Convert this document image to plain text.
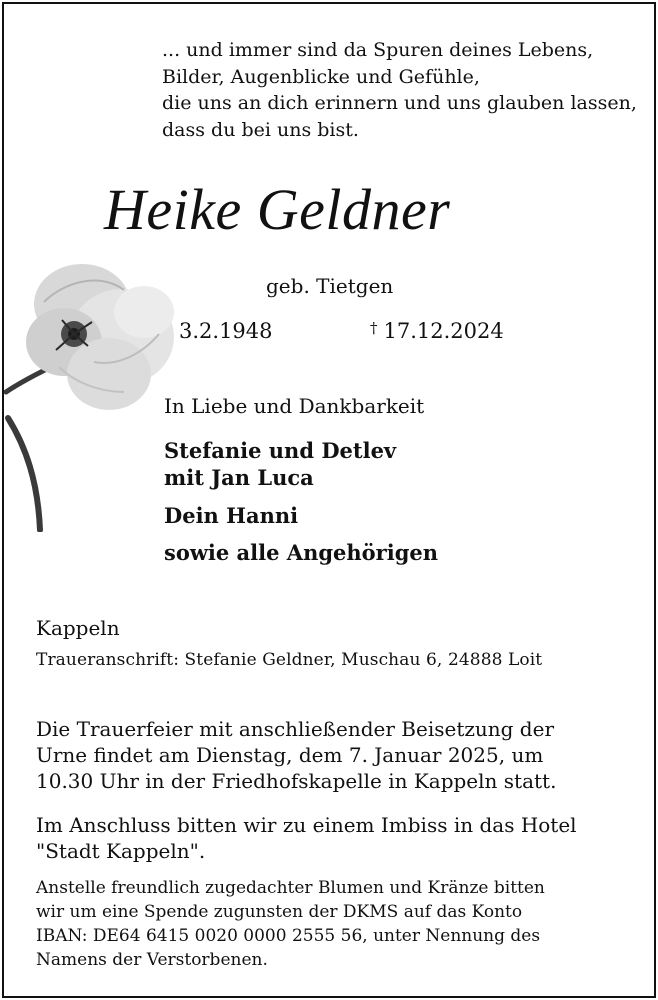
... und immer sind da Spuren deines Lebens,
Bilder, Augenblicke und Gefühle,
die uns an dich erinnern und uns glauben lassen,
dass du bei uns bist.
Heike Geldner
geb. Tietgen
3.2.1948	† 17.12.2024
In Liebe und Dankbarkeit
Stefanie und Detlev
mit Jan Luca
Dein Hanni
sowie alle Angehörigen
Kappeln
Traueranschrift: Stefanie Geldner, Muschau 6, 24888 Loit
Die Trauerfeier mit anschließender Beisetzung der
Urne findet am Dienstag, dem 7. Januar 2025, um
10.30 Uhr in der Friedhofskapelle in Kappeln statt.
Im Anschluss bitten wir zu einem Imbiss in das Hotel
"Stadt Kappeln".
Anstelle freundlich zugedachter Blumen und Kränze bitten
wir um eine Spende zugunsten der DKMS auf das Konto
IBAN: DE64 6415 0020 0000 2555 56, unter Nennung des
Namens der Verstorbenen.
